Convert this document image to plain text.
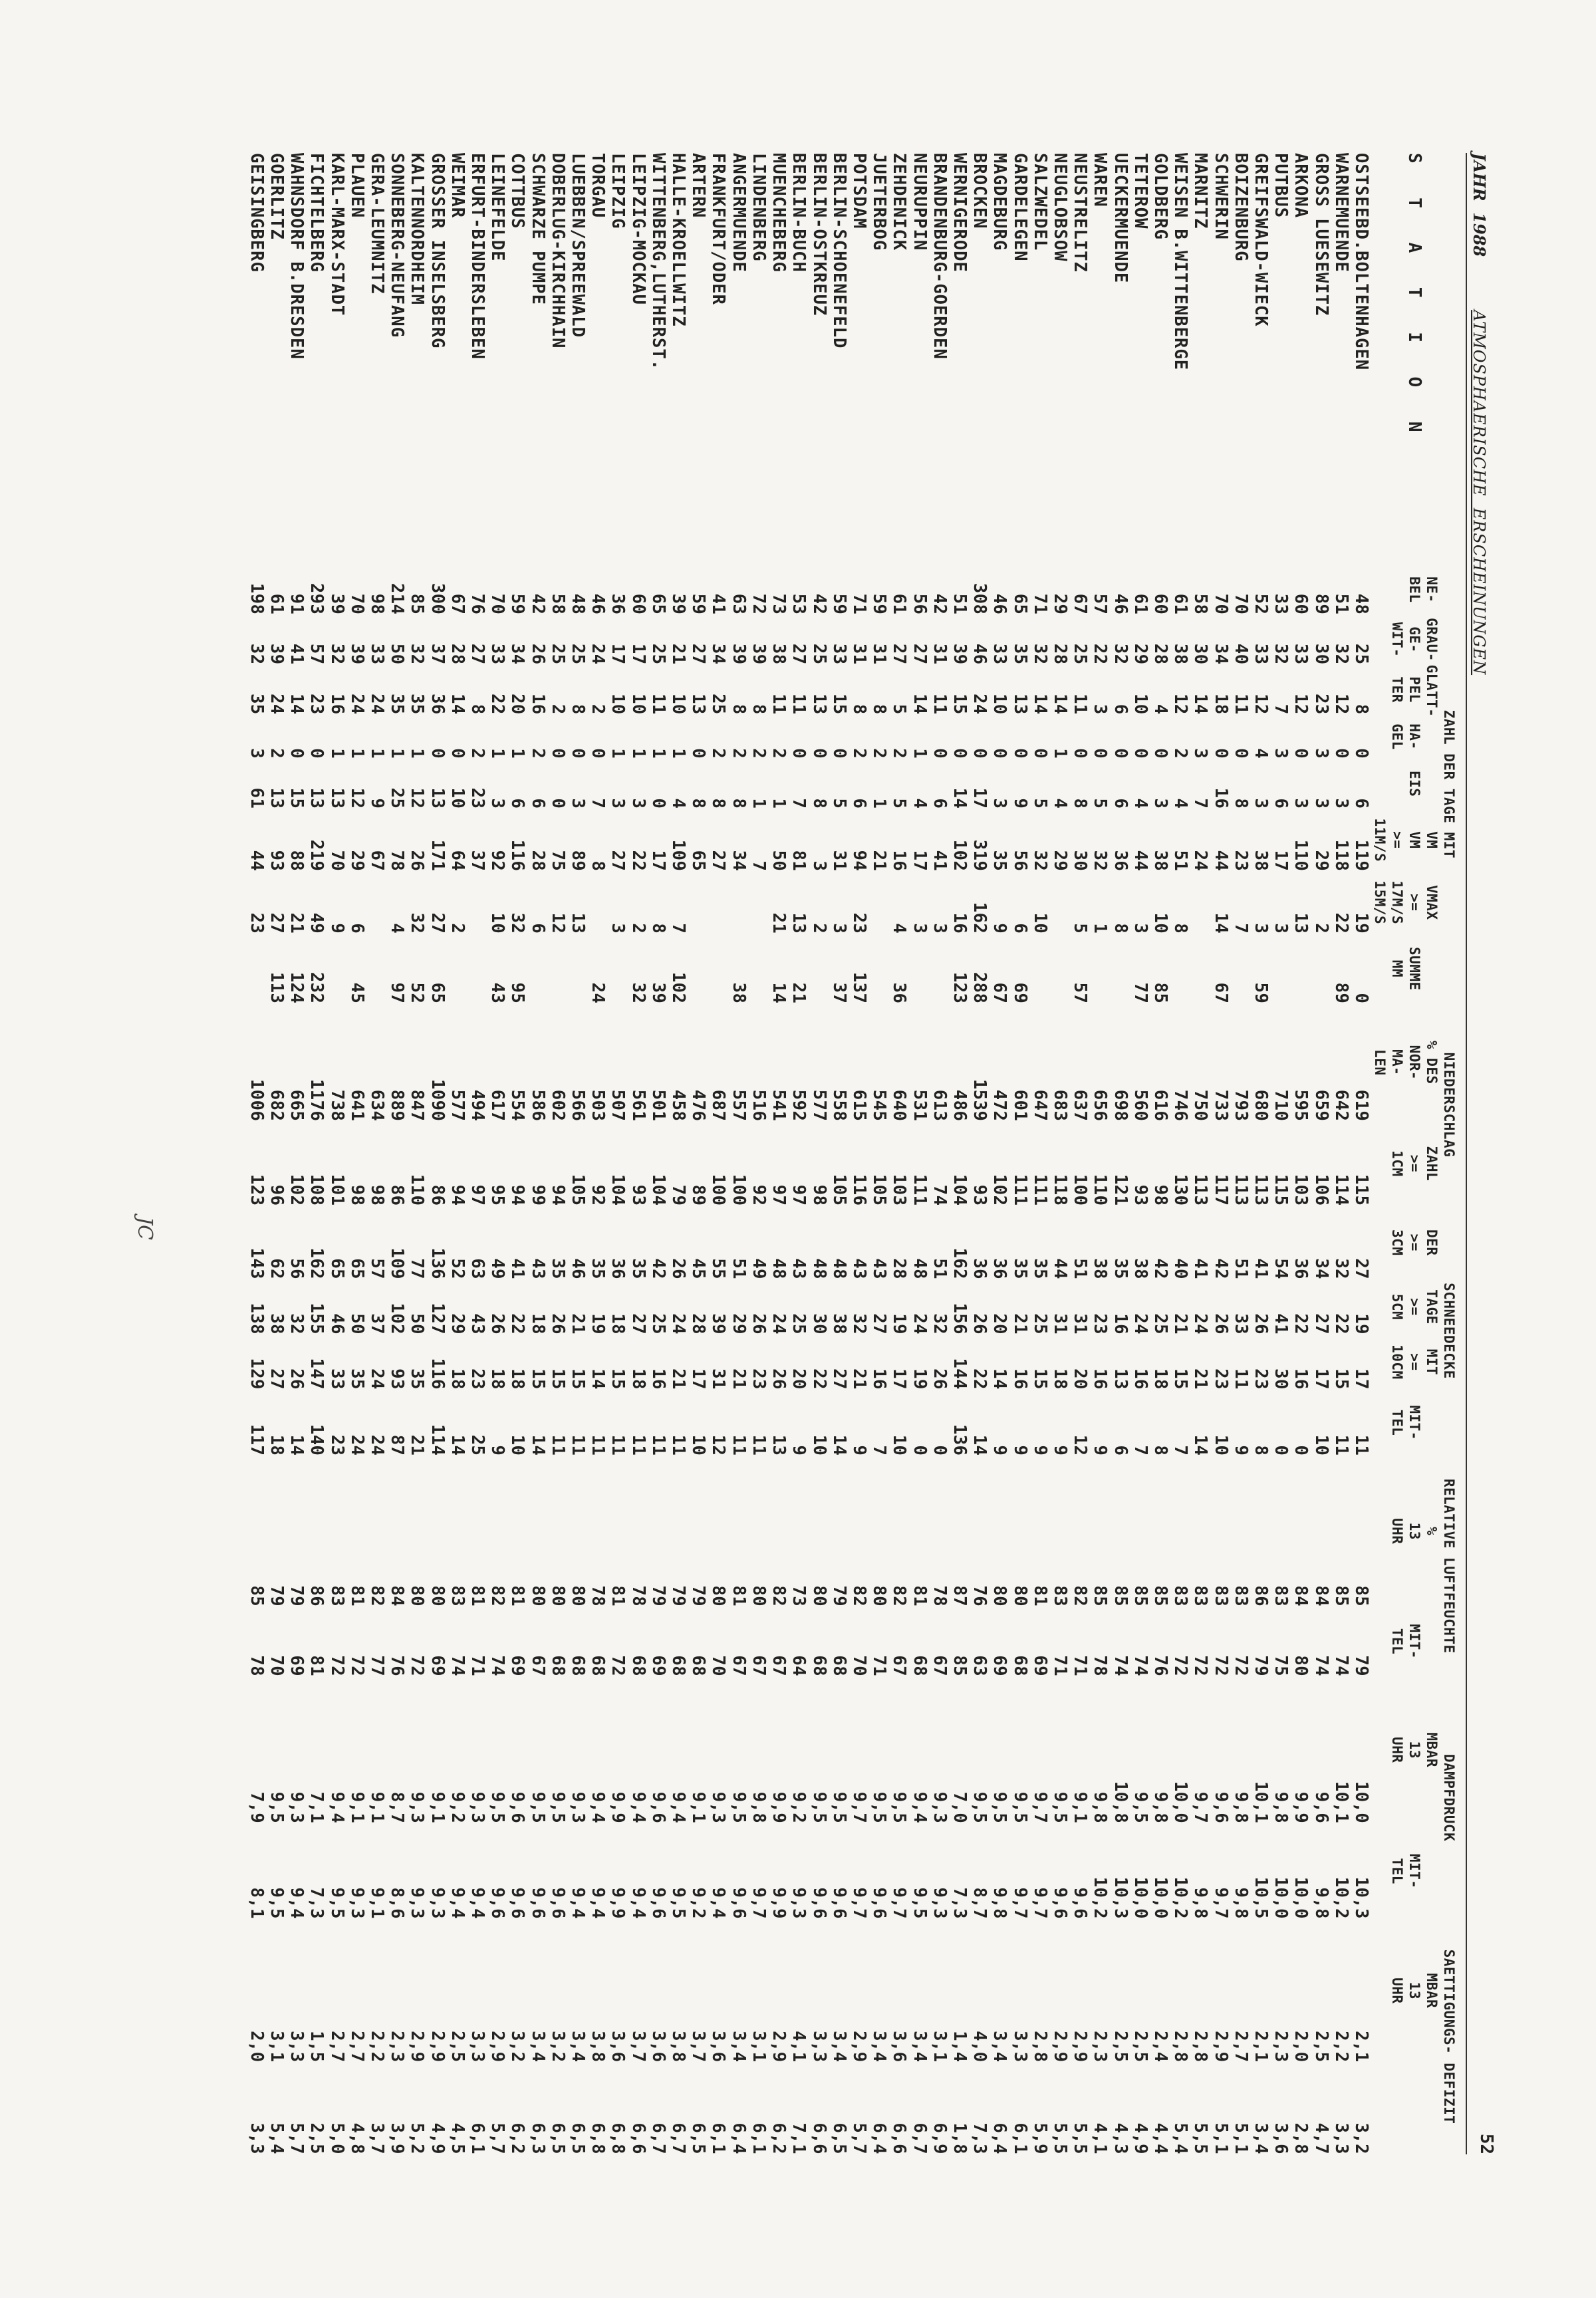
JAHR  1988
ATMOSPHAERISCHE  ERSCHEINUNGEN
52
	ZAHL DER TAGE MIT								NIEDERSCHLAG		SCHNEEDECKE				RELATIVE LUFTFEUCHTE		DAMPFDRUCK		SAETTIGUNGS- DEFIZIT	
	NE-	GRAU-	GLATT-			VM	VMAX		% DES	ZAHL	DER	TAGE	MIT		%		MBAR		MBAR	
S T A T I O N	BEL	GE-	PEL	HA-	EIS	VM	>=	SUMME	NOR-	>=	>=	>=	>=	MIT-	13	MIT-	13	MIT-	13	
		WIT-	TER	GEL		>=	17M/S	MM	MA-	1CM	3CM	5CM	10CM	TEL	UHR	TEL	UHR	TEL	UHR	
						11M/S	15M/S		LEN											
OSTSEEBD.BOLTENHAGEN	48	25	8	0	6	119	19	0	619	115	27	19	17	11	85	79	10,0	10,3	2,1	3,2
WARNEMUENDE	51	32	12	0	3	118	22	89	642	114	32	22	15	11	85	74	10,1	10,2	2,2	3,3
GROSS LUESEWITZ	89	30	23	3	3	29	2		659	106	34	27	17	10	84	74	9,6	9,8	2,5	4,7
ARKONA	60	33	12	0	3	110	13		595	103	36	22	16	0	84	80	9,9	10,0	2,0	2,8
PUTBUS	33	32	7	3	6	17	3		710	115	54	41	30	0	83	75	9,8	10,0	2,3	3,6
GREIFSWALD-WIECK	52	33	12	4	3	38	3	59	680	113	41	26	23	8	86	79	10,1	10,5	2,1	3,4
BOIZENBURG	70	40	11	0	8	23	7		793	113	51	33	11	9	83	72	9,8	9,8	2,7	5,1
SCHWERIN	70	34	18	0	16	44	14	67	733	117	42	26	23	10	83	72	9,6	9,7	2,9	5,1
MARNITZ	58	30	14	3	7	24			750	113	41	24	21	14	83	72	9,7	9,8	2,8	5,5
WEISEN B.WITTENBERGE	61	38	12	2	4	51	8		746	130	40	21	15	7	83	72	10,0	10,2	2,8	5,4
GOLDBERG	60	28	4	0	3	38	10	85	616	98	42	25	18	8	85	76	9,8	10,0	2,4	4,4
TETEROW	61	29	10	0	4	44	3	77	560	93	38	24	16	7	85	74	9,5	10,0	2,5	4,9
UECKERMUENDE	46	32	6	0	6	36	8		698	121	35	16	13	6	85	74	10,8	10,3	2,5	4,3
WAREN	57	22	3	0	5	32	1		656	110	38	23	16	9	85	78	9,8	10,2	2,3	4,1
NEUSTRELITZ	67	25	11	0	8	30	5	57	637	100	51	31	20	12	82	71	9,1	9,6	2,9	5,5
NEUGLOBSOW	29	28	14	1	4	29			683	118	44	31	18	9	83	71	9,5	9,6	2,9	5,5
SALZWEDEL	71	32	14	0	5	32	10		647	111	35	25	15	9	81	69	9,7	9,7	2,8	5,9
GARDELEGEN	65	35	13	0	9	56	6	69	601	111	35	21	16	9	80	68	9,5	9,7	3,3	6,1
MAGDEBURG	46	33	10	0	3	35	9	67	472	102	36	20	14	9	80	69	9,5	9,8	3,4	6,4
BROCKEN	308	46	24	0	17	319	162	288	1539	93	36	26	22	14	76	63	9,5	8,7	4,0	7,3
WERNIGERODE	51	39	15	0	14	102	16	123	486	104	162	156	144	136	87	85	7,0	7,3	1,4	1,8
BRANDENBURG-GOERDEN	42	31	11	0	6	41	3		613	74	51	32	26	0	78	67	9,3	9,3	3,1	6,9
NEURUPPIN	56	27	14	1	4	17	3		531	111	48	24	19	0	81	68	9,4	9,5	3,4	6,7
ZEHDENICK	61	27	5	2	5	16	4	36	640	103	28	19	17	10	82	67	9,5	9,7	3,6	6,6
JUETERBOG	59	31	8	2	1	21			545	105	43	27	16	7	80	71	9,5	9,6	3,4	6,4
POTSDAM	71	31	8	2	6	94	23	137	615	116	43	32	21	9	82	70	9,7	9,7	2,9	5,7
BERLIN-SCHOENEFELD	59	33	15	0	5	31	3	37	558	105	48	38	27	14	79	68	9,5	9,6	3,4	6,5
BERLIN-OSTKREUZ	42	25	13	0	8	3	2		577	98	48	30	22	10	80	68	9,5	9,6	3,3	6,6
BERLIN-BUCH	53	27	11	0	7	81	13	21	592	97	43	25	20	9	73	64	9,2	9,3	4,1	7,1
MUENCHEBERG	73	38	11	2	1	50	21	14	541	97	48	24	26	13	82	67	9,9	9,9	2,9	6,2
LINDENBERG	72	39	8	2	1	7			516	92	49	26	23	11	80	67	9,8	9,7	3,1	6,1
ANGERMUENDE	63	39	8	2	8	34		38	557	100	51	29	21	11	81	67	9,5	9,6	3,4	6,4
FRANKFURT/ODER	41	34	25	2	8	27			687	100	55	39	31	12	80	70	9,3	9,4	3,6	6,1
ARTERN	59	27	13	0	8	65			476	89	45	28	17	10	79	68	9,1	9,2	3,7	6,5
HALLE-KROELLWITZ	39	21	10	1	4	109	7	102	458	79	26	24	21	11	79	68	9,4	9,5	3,8	6,7
WITTENBERG,LUTHERST.	65	25	11	1	0	17	8	39	501	104	42	25	16	11	79	69	9,6	9,6	3,6	6,7
LEIPZIG-MOCKAU	60	17	10	1	3	22	2	32	561	93	35	27	18	11	78	68	9,4	9,4	3,7	6,6
LEIPZIG	36	17	10	1	3	27	3		507	104	36	18	15	11	81	72	9,9	9,9	3,6	6,8
TORGAU	46	24	2	0	7	8		24	503	92	35	19	14	11	78	68	9,4	9,4	3,8	6,8
LUEBBEN/SPREEWALD	48	25	8	0	3	89	13		566	105	46	21	15	11	80	68	9,3	9,4	3,4	6,5
DOBERLUG-KIRCHHAIN	58	25	2	0	0	75	12		602	94	35	26	15	11	80	68	9,5	9,6	3,2	6,5
SCHWARZE PUMPE	42	26	16	2	6	28	6		586	99	43	18	15	14	80	67	9,5	9,6	3,4	6,3
COTTBUS	59	34	20	1	6	116	32	95	554	94	41	22	18	10	81	69	9,6	9,6	3,2	6,2
LEINEFELDE	70	33	22	1	3	92	10	43	617	95	49	26	18	9	82	74	9,5	9,6	2,9	5,7
ERFURT-BINDERSLEBEN	76	27	8	2	23	37			494	97	63	43	23	25	81	71	9,3	9,4	3,3	6,1
WEIMAR	67	28	14	0	10	64	2		577	94	52	29	18	14	83	74	9,2	9,4	2,5	4,5
GROSSER INSELSBERG	300	37	36	0	13	171	27	65	1090	86	136	127	116	114	80	69	9,1	9,3	2,9	4,9
KALTENNORDHEIM	85	32	35	1	12	26	32	52	847	110	77	50	35	21	80	72	9,3	9,3	2,9	5,2
SONNEBERG-NEUFANG	214	50	35	1	25	78	4	97	889	86	109	102	93	87	84	76	8,7	8,6	2,3	3,9
GERA-LEUMNITZ	98	33	24	1	9	67			634	98	57	37	24	24	82	77	9,1	9,1	2,2	3,7
PLAUEN	70	39	24	1	12	29	6	45	641	98	65	50	35	24	81	72	9,1	9,3	2,7	4,8
KARL-MARX-STADT	39	32	16	1	13	70	9		738	101	65	46	33	23	83	72	9,4	9,5	2,7	5,0
FICHTELBERG	293	57	23	0	13	219	49	232	1176	108	162	155	147	140	86	81	7,1	7,3	1,5	2,5
WAHNSDORF B.DRESDEN	91	41	14	0	15	88	21	124	665	102	56	32	26	14	79	69	9,3	9,4	3,3	5,7
GOERLITZ	61	39	24	2	13	93	27	113	682	96	62	38	27	18	79	70	9,5	9,5	3,1	5,4
GEISINGBERG	198	32	35	3	61	44	23		1006	123	143	138	129	117	85	78	7,9	8,1	2,0	3,3
JC
